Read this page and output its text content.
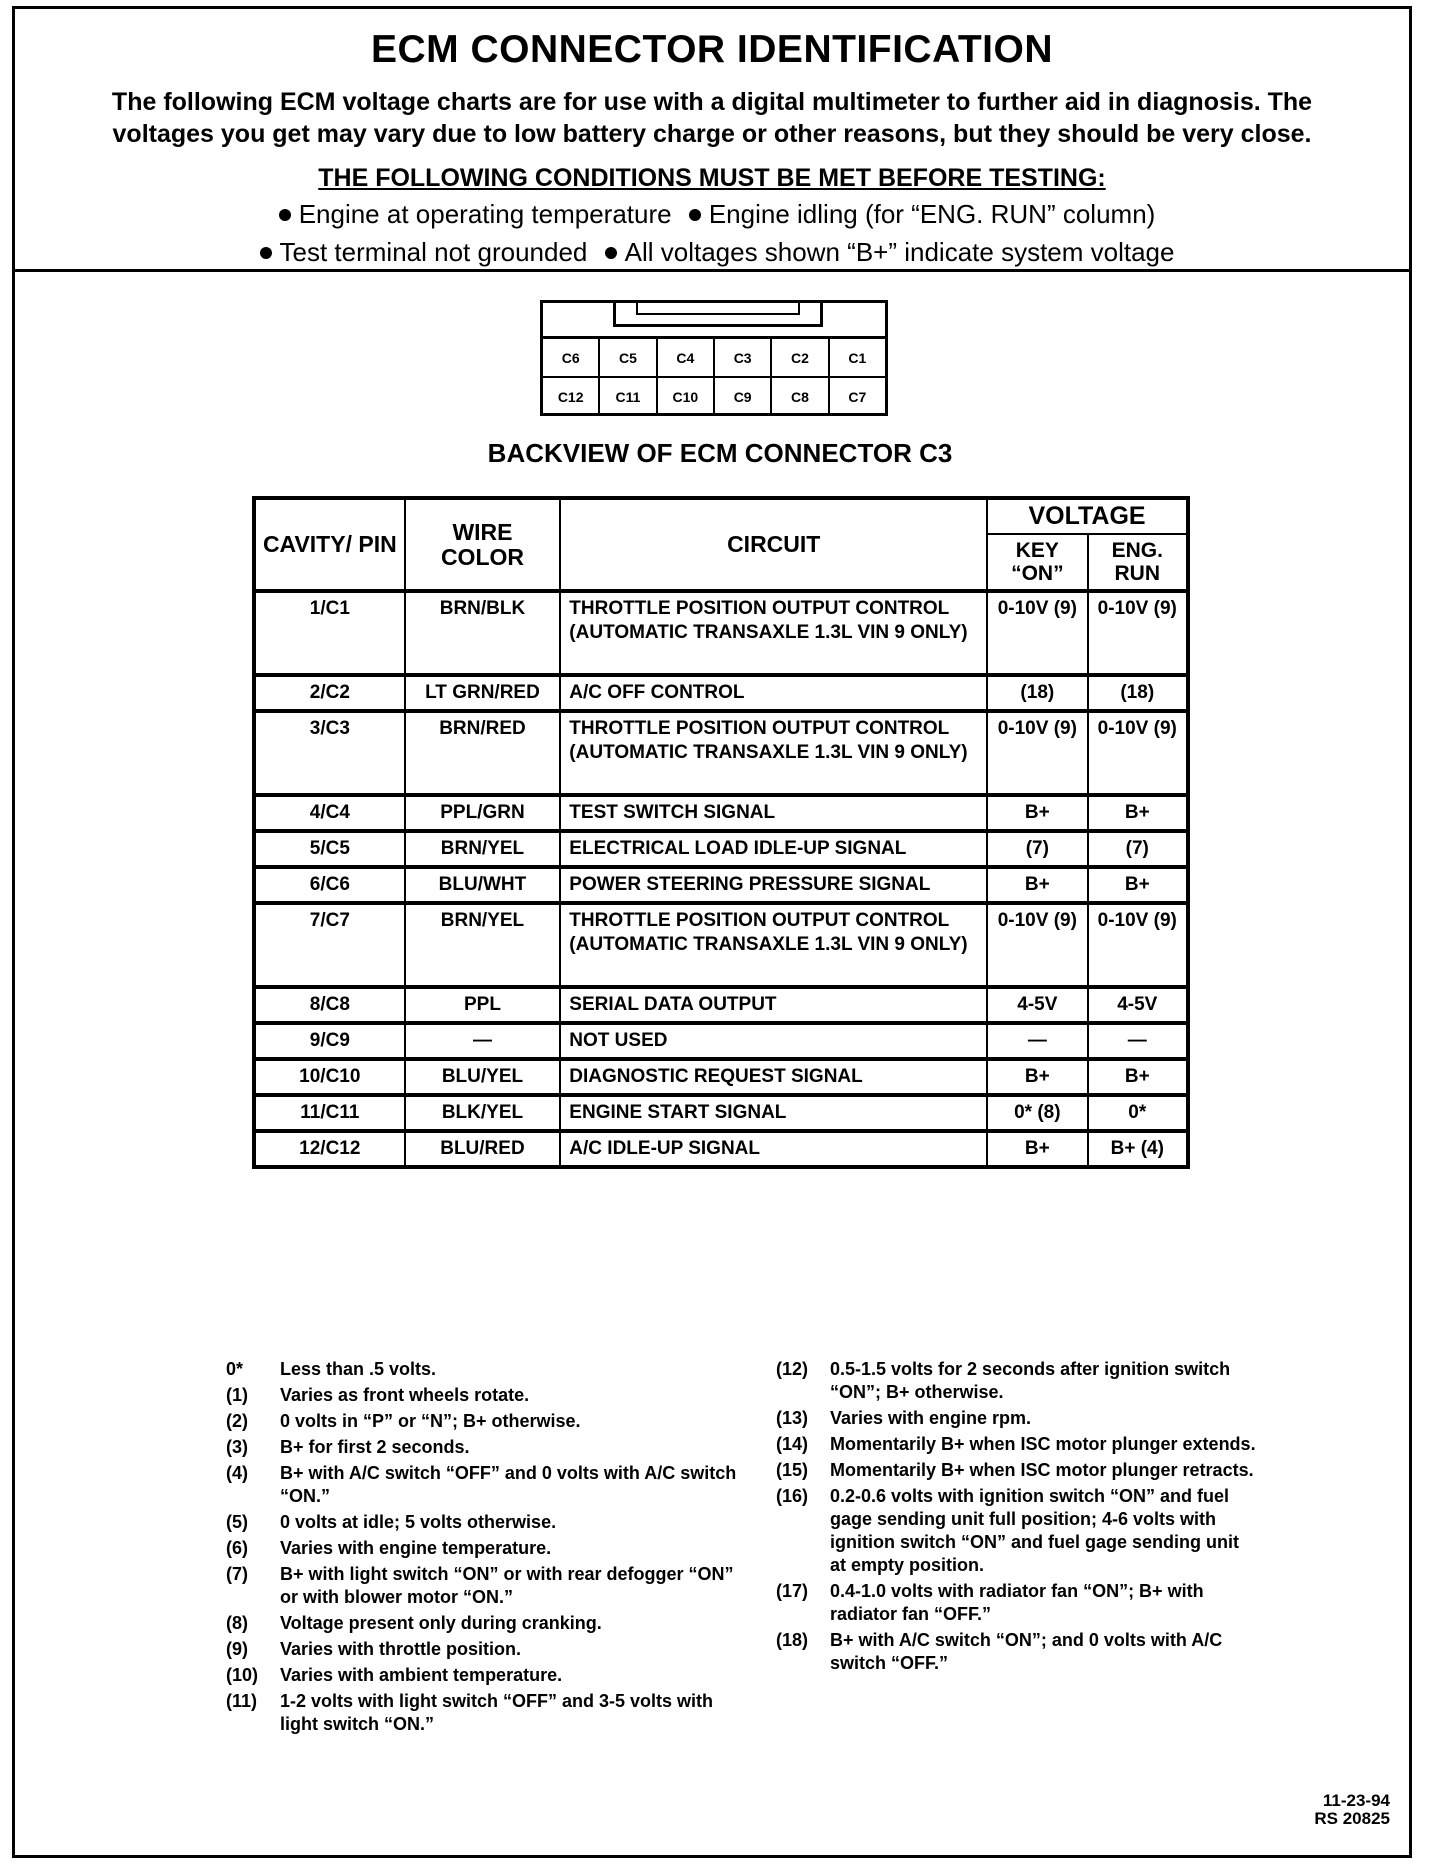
ECM CONNECTOR IDENTIFICATION
The following ECM voltage charts are for use with a digital multimeter to further aid in diagnosis. The
voltages you get may vary due to low battery charge or other reasons, but they should be very close.
THE FOLLOWING CONDITIONS MUST BE MET BEFORE TESTING:
Engine at operating temperature Engine idling (for “ENG. RUN” column)
Test terminal not grounded All voltages shown “B+” indicate system voltage
C6	C5	C4	C3	C2	C1
C12	C11	C10	C9	C8	C7
BACKVIEW OF ECM CONNECTOR C3
CAVITY/ PIN	WIRE COLOR	CIRCUIT	VOLTAGE	
			KEY “ON”	ENG. RUN
1/C1	BRN/BLK	THROTTLE POSITION OUTPUT CONTROL (AUTOMATIC TRANSAXLE 1.3L VIN 9 ONLY)	0-10V (9)	0-10V (9)
2/C2	LT GRN/RED	A/C OFF CONTROL	(18)	(18)
3/C3	BRN/RED	THROTTLE POSITION OUTPUT CONTROL (AUTOMATIC TRANSAXLE 1.3L VIN 9 ONLY)	0-10V (9)	0-10V (9)
4/C4	PPL/GRN	TEST SWITCH SIGNAL	B+	B+
5/C5	BRN/YEL	ELECTRICAL LOAD IDLE-UP SIGNAL	(7)	(7)
6/C6	BLU/WHT	POWER STEERING PRESSURE SIGNAL	B+	B+
7/C7	BRN/YEL	THROTTLE POSITION OUTPUT CONTROL (AUTOMATIC TRANSAXLE 1.3L VIN 9 ONLY)	0-10V (9)	0-10V (9)
8/C8	PPL	SERIAL DATA OUTPUT	4-5V	4-5V
9/C9	—	NOT USED	—	—
10/C10	BLU/YEL	DIAGNOSTIC REQUEST SIGNAL	B+	B+
11/C11	BLK/YEL	ENGINE START SIGNAL	0* (8)	0*
12/C12	BLU/RED	A/C IDLE-UP SIGNAL	B+	B+ (4)
0*	Less than .5 volts.
(1)	Varies as front wheels rotate.
(2)	0 volts in “P” or “N”; B+ otherwise.
(3)	B+ for first 2 seconds.
(4)	B+ with A/C switch “OFF” and 0 volts with A/C switch “ON.”
(5)	0 volts at idle; 5 volts otherwise.
(6)	Varies with engine temperature.
(7)	B+ with light switch “ON” or with rear defogger “ON” or with blower motor “ON.”
(8)	Voltage present only during cranking.
(9)	Varies with throttle position.
(10)	Varies with ambient temperature.
(11)	1-2 volts with light switch “OFF” and 3-5 volts with light switch “ON.”
(12)	0.5-1.5 volts for 2 seconds after ignition switch “ON”; B+ otherwise.
(13)	Varies with engine rpm.
(14)	Momentarily B+ when ISC motor plunger extends.
(15)	Momentarily B+ when ISC motor plunger retracts.
(16)	0.2-0.6 volts with ignition switch “ON” and fuel gage sending unit full position; 4-6 volts with ignition switch “ON” and fuel gage sending unit at empty position.
(17)	0.4-1.0 volts with radiator fan “ON”; B+ with radiator fan “OFF.”
(18)	B+ with A/C switch “ON”; and 0 volts with A/C switch “OFF.”
11-23-94
RS 20825
